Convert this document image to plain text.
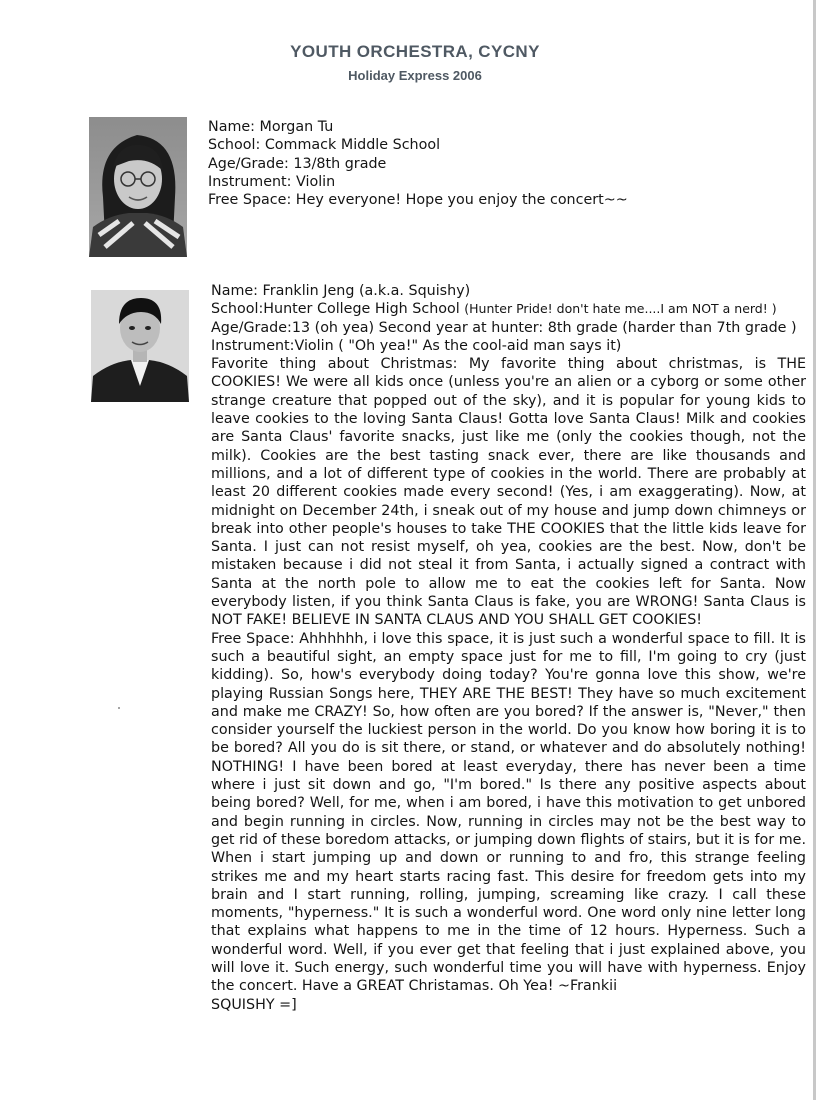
YOUTH ORCHESTRA, CYCNY
Holiday Express 2006
Name: Morgan Tu
School: Commack Middle School
Age/Grade: 13/8th grade
Instrument: Violin
Free Space: Hey everyone! Hope you enjoy the concert~~
Name: Franklin Jeng (a.k.a. Squishy)
School:Hunter College High School (Hunter Pride! don't hate me....I am NOT a nerd! )
Age/Grade:13 (oh yea) Second year at hunter: 8th grade (harder than 7th grade )
Instrument:Violin ( "Oh yea!" As the cool-aid man says it)
Favorite thing about Christmas: My favorite thing about christmas, is THE COOKIES! We were all kids once (unless you're an alien or a cyborg or some other strange creature that popped out of the sky), and it is popular for young kids to leave cookies to the loving Santa Claus! Gotta love Santa Claus! Milk and cookies are Santa Claus' favorite snacks, just like me (only the cookies though, not the milk). Cookies are the best tasting snack ever, there are like thousands and millions, and a lot of different type of cookies in the world. There are probably at least 20 different cookies made every second! (Yes, i am exaggerating). Now, at midnight on December 24th, i sneak out of my house and jump down chimneys or break into other people's houses to take THE COOKIES that the little kids leave for Santa. I just can not resist myself, oh yea, cookies are the best. Now, don't be mistaken because i did not steal it from Santa, i actually signed a contract with Santa at the north pole to allow me to eat the cookies left for Santa. Now everybody listen, if you think Santa Claus is fake, you are WRONG! Santa Claus is NOT FAKE! BELIEVE IN SANTA CLAUS AND YOU SHALL GET COOKIES!
Free Space: Ahhhhhh, i love this space, it is just such a wonderful space to fill. It is such a beautiful sight, an empty space just for me to fill, I'm going to cry (just kidding). So, how's everybody doing today? You're gonna love this show, we're playing Russian Songs here, THEY ARE THE BEST! They have so much excitement and make me CRAZY! So, how often are you bored? If the answer is, "Never," then consider yourself the luckiest person in the world. Do you know how boring it is to be bored? All you do is sit there, or stand, or whatever and do absolutely nothing! NOTHING! I have been bored at least everyday, there has never been a time where i just sit down and go, "I'm bored." Is there any positive aspects about being bored? Well, for me, when i am bored, i have this motivation to get unbored and begin running in circles. Now, running in circles may not be the best way to get rid of these boredom attacks, or jumping down flights of stairs, but it is for me. When i start jumping up and down or running to and fro, this strange feeling strikes me and my heart starts racing fast. This desire for freedom gets into my brain and I start running, rolling, jumping, screaming like crazy. I call these moments, "hyperness." It is such a wonderful word. One word only nine letter long that explains what happens to me in the time of 12 hours. Hyperness. Such a wonderful word. Well, if you ever get that feeling that i just explained above, you will love it. Such energy, such wonderful time you will have with hyperness. Enjoy the concert. Have a GREAT Christamas. Oh Yea! ~Frankii
SQUISHY =]
